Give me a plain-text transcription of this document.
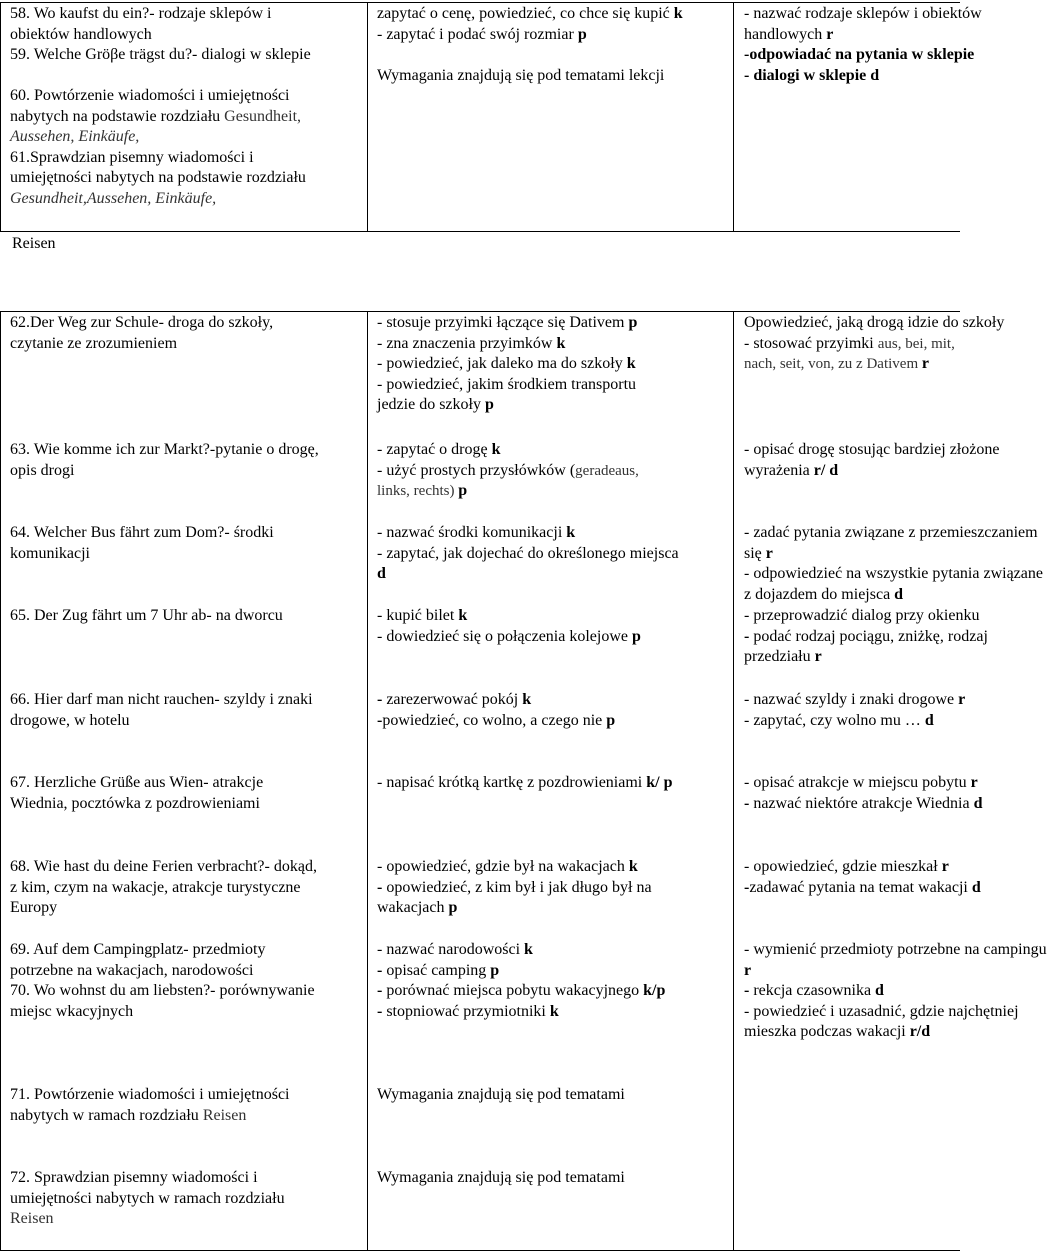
Reisen
58. Wo kaufst du ein?- rodzaje sklepów i
obiektów handlowych
59. Welche Gröβe trägst du?- dialogi w sklepie

60. Powtórzenie wiadomości i umiejętności
nabytych na podstawie rozdziału Gesundheit,
Aussehen, Einkäufe,
61.Sprawdzian pisemny wiadomości i
umiejętności nabytych na podstawie rozdziału
Gesundheit,Aussehen, Einkäufe,
zapytać o cenę, powiedzieć, co chce się kupić k
- zapytać i podać swój rozmiar p

Wymagania znajdują się pod tematami lekcji
- nazwać rodzaje sklepów i obiektów
handlowych r
-odpowiadać na pytania w sklepie
- dialogi w sklepie d
62.Der Weg zur Schule- droga do szkoły,
czytanie ze zrozumieniem
- stosuje przyimki łączące się Dativem p
- zna znaczenia przyimków k
- powiedzieć, jak daleko ma do szkoły k
- powiedzieć, jakim środkiem transportu
jedzie do szkoły p
Opowiedzieć, jaką drogą idzie do szkoły
- stosować przyimki aus, bei, mit,
nach, seit, von, zu z Dativem r
63. Wie komme ich zur Markt?-pytanie o drogę,
opis drogi
- zapytać o drogę k
- użyć prostych przysłówków (geradeaus,
links, rechts) p
- opisać drogę stosując bardziej złożone
wyrażenia r/ d
64. Welcher Bus fährt zum Dom?- środki
komunikacji
- nazwać środki komunikacji k
- zapytać, jak dojechać do określonego miejsca
d
- zadać pytania związane z przemieszczaniem
się r
- odpowiedzieć na wszystkie pytania związane
z dojazdem do miejsca d
65. Der Zug fährt um 7 Uhr ab- na dworcu	- kupić bilet k
- dowiedzieć się o połączenia kolejowe p
- przeprowadzić dialog przy okienku
- podać rodzaj pociągu, zniżkę, rodzaj
przedziału r
66. Hier darf man nicht rauchen- szyldy i znaki
drogowe, w hotelu
- zarezerwować pokój k
-powiedzieć, co wolno, a czego nie p
- nazwać szyldy i znaki drogowe r
- zapytać, czy wolno mu … d
67. Herzliche Grüße aus Wien- atrakcje
Wiednia, pocztówka z pozdrowieniami
- napisać krótką kartkę z pozdrowieniami k/ p	- opisać atrakcje w miejscu pobytu r
- nazwać niektóre atrakcje Wiednia d
68. Wie hast du deine Ferien verbracht?- dokąd,
z kim, czym na wakacje, atrakcje turystyczne
Europy
- opowiedzieć, gdzie był na wakacjach k
- opowiedzieć, z kim był i jak długo był na
wakacjach p
- opowiedzieć, gdzie mieszkał r
-zadawać pytania na temat wakacji d
69. Auf dem Campingplatz- przedmioty
potrzebne na wakacjach, narodowości
70. Wo wohnst du am liebsten?- porównywanie
miejsc wkacyjnych
- nazwać narodowości k
- opisać camping p
- porównać miejsca pobytu wakacyjnego k/p
- stopniować przymiotniki k
- wymienić przedmioty potrzebne na campingu
r
- rekcja czasownika d
- powiedzieć i uzasadnić, gdzie najchętniej
mieszka podczas wakacji r/d
71. Powtórzenie wiadomości i umiejętności
nabytych w ramach rozdziału Reisen
Wymagania znajdują się pod tematami
72. Sprawdzian pisemny wiadomości i
umiejętności nabytych w ramach rozdziału
Reisen
Wymagania znajdują się pod tematami
